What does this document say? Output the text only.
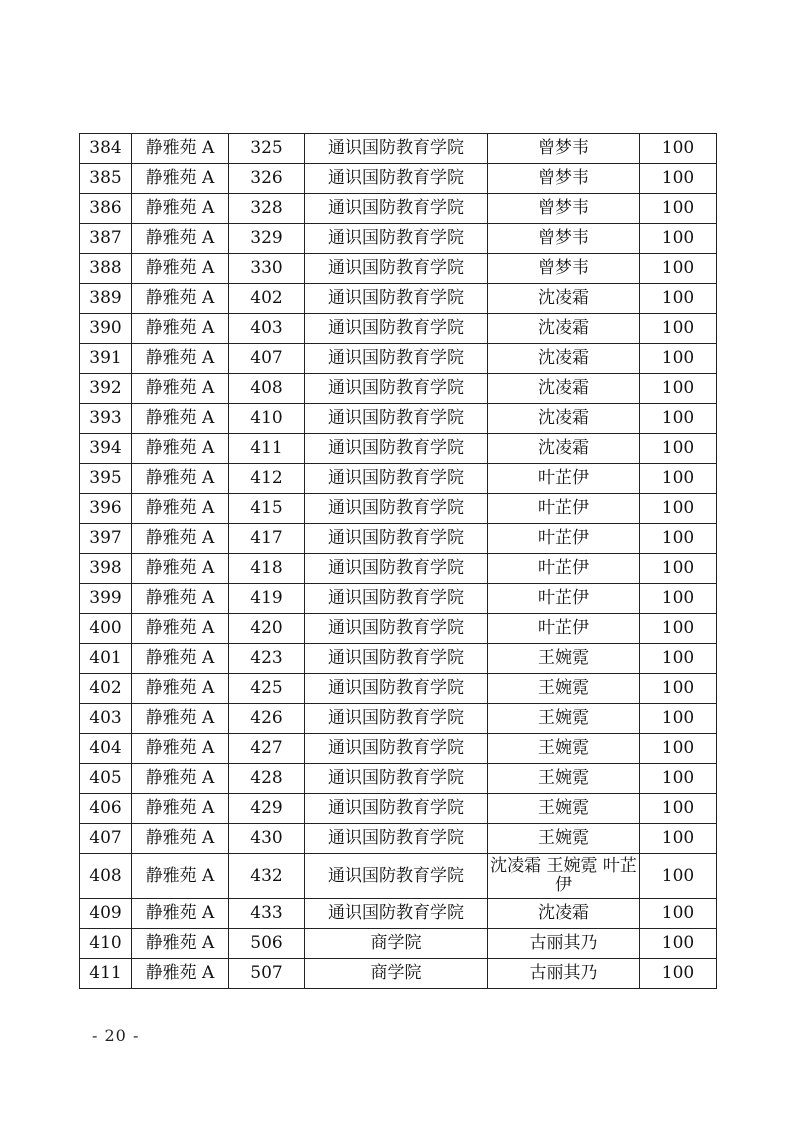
384	静雅苑 A	325	通识国防教育学院	曾梦韦	100
385	静雅苑 A	326	通识国防教育学院	曾梦韦	100
386	静雅苑 A	328	通识国防教育学院	曾梦韦	100
387	静雅苑 A	329	通识国防教育学院	曾梦韦	100
388	静雅苑 A	330	通识国防教育学院	曾梦韦	100
389	静雅苑 A	402	通识国防教育学院	沈凌霜	100
390	静雅苑 A	403	通识国防教育学院	沈凌霜	100
391	静雅苑 A	407	通识国防教育学院	沈凌霜	100
392	静雅苑 A	408	通识国防教育学院	沈凌霜	100
393	静雅苑 A	410	通识国防教育学院	沈凌霜	100
394	静雅苑 A	411	通识国防教育学院	沈凌霜	100
395	静雅苑 A	412	通识国防教育学院	叶芷伊	100
396	静雅苑 A	415	通识国防教育学院	叶芷伊	100
397	静雅苑 A	417	通识国防教育学院	叶芷伊	100
398	静雅苑 A	418	通识国防教育学院	叶芷伊	100
399	静雅苑 A	419	通识国防教育学院	叶芷伊	100
400	静雅苑 A	420	通识国防教育学院	叶芷伊	100
401	静雅苑 A	423	通识国防教育学院	王婉霓	100
402	静雅苑 A	425	通识国防教育学院	王婉霓	100
403	静雅苑 A	426	通识国防教育学院	王婉霓	100
404	静雅苑 A	427	通识国防教育学院	王婉霓	100
405	静雅苑 A	428	通识国防教育学院	王婉霓	100
406	静雅苑 A	429	通识国防教育学院	王婉霓	100
407	静雅苑 A	430	通识国防教育学院	王婉霓	100
408	静雅苑 A	432	通识国防教育学院	沈凌霜 王婉霓 叶芷伊	100
409	静雅苑 A	433	通识国防教育学院	沈凌霜	100
410	静雅苑 A	506	商学院	古丽其乃	100
411	静雅苑 A	507	商学院	古丽其乃	100
- 20 -
